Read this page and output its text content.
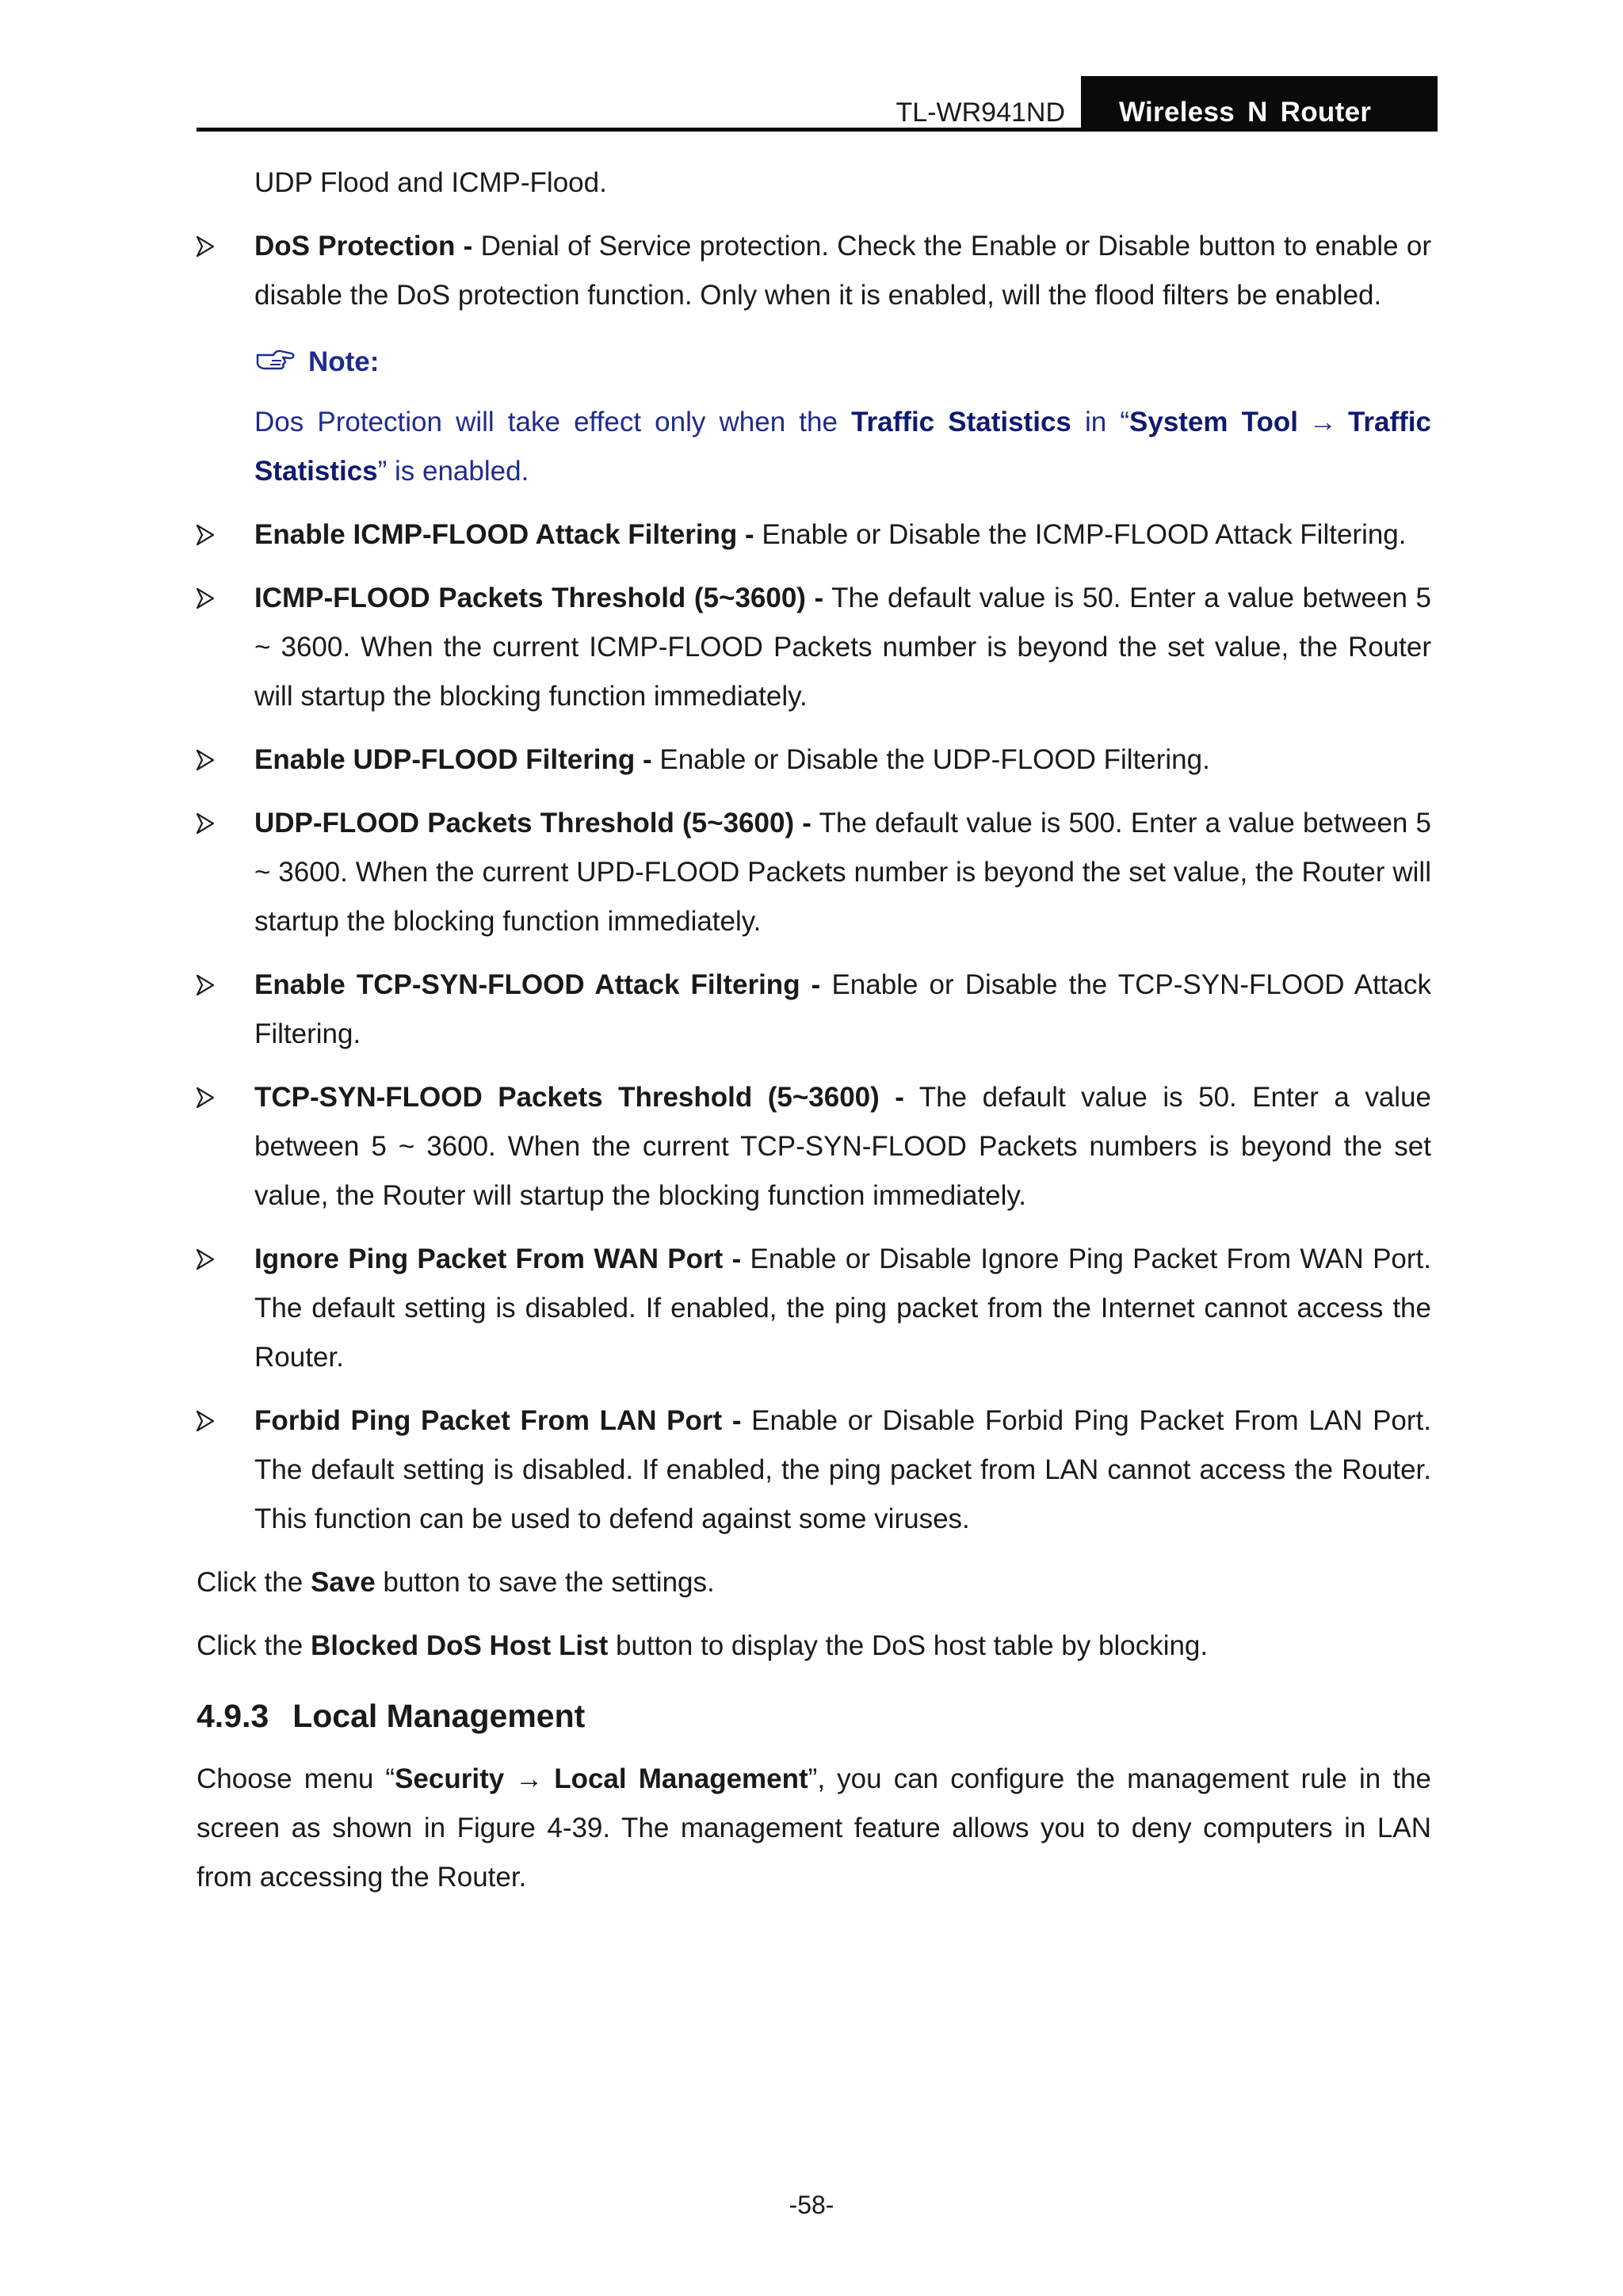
TL-WR941ND	Wireless N Router

UDP Flood and ICMP-Flood.

DoS Protection - Denial of Service protection. Check the Enable or Disable button to enable or disable the DoS protection function. Only when it is enabled, will the flood filters be enabled.
Note:

Dos Protection will take effect only when the Traffic Statistics in “System Tool → Traffic Statistics” is enabled.

Enable ICMP-FLOOD Attack Filtering - Enable or Disable the ICMP-FLOOD Attack Filtering.
ICMP-FLOOD Packets Threshold (5~3600) - The default value is 50. Enter a value between 5 ~ 3600. When the current ICMP-FLOOD Packets number is beyond the set value, the Router will startup the blocking function immediately.
Enable UDP-FLOOD Filtering - Enable or Disable the UDP-FLOOD Filtering.
UDP-FLOOD Packets Threshold (5~3600) - The default value is 500. Enter a value between 5 ~ 3600. When the current UPD-FLOOD Packets number is beyond the set value, the Router will startup the blocking function immediately.
Enable TCP-SYN-FLOOD Attack Filtering - Enable or Disable the TCP-SYN-FLOOD Attack Filtering.
TCP-SYN-FLOOD Packets Threshold (5~3600) - The default value is 50. Enter a value between 5 ~ 3600. When the current TCP-SYN-FLOOD Packets numbers is beyond the set value, the Router will startup the blocking function immediately.
Ignore Ping Packet From WAN Port - Enable or Disable Ignore Ping Packet From WAN Port. The default setting is disabled. If enabled, the ping packet from the Internet cannot access the Router.
Forbid Ping Packet From LAN Port - Enable or Disable Forbid Ping Packet From LAN Port. The default setting is disabled. If enabled, the ping packet from LAN cannot access the Router. This function can be used to defend against some viruses.

Click the Save button to save the settings.

Click the Blocked DoS Host List button to display the DoS host table by blocking.

4.9.3 Local Management

Choose menu “Security → Local Management”, you can configure the management rule in the screen as shown in Figure 4-39. The management feature allows you to deny computers in LAN from accessing the Router.

-58-
